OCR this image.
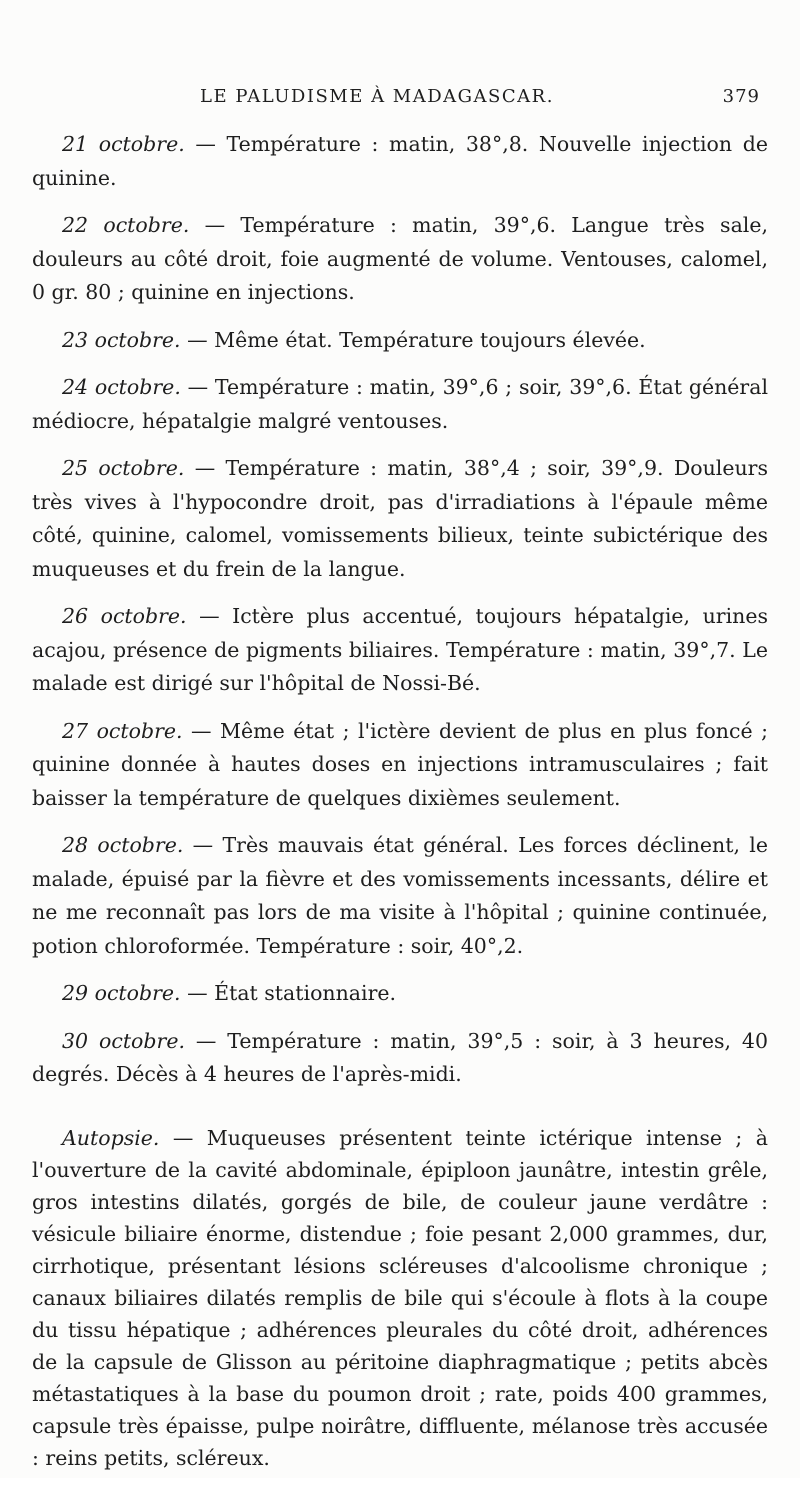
LE PALUDISME À MADAGASCAR.	379

21 octobre. — Température : matin, 38°,8. Nouvelle injection de quinine.

22 octobre. — Température : matin, 39°,6. Langue très sale, douleurs au côté droit, foie augmenté de volume. Ventouses, calomel, 0 gr. 80 ; quinine en injections.

23 octobre. — Même état. Température toujours élevée.

24 octobre. — Température : matin, 39°,6 ; soir, 39°,6. État général médiocre, hépatalgie malgré ventouses.

25 octobre. — Température : matin, 38°,4 ; soir, 39°,9. Douleurs très vives à l'hypocondre droit, pas d'irradiations à l'épaule même côté, quinine, calomel, vomissements bilieux, teinte subictérique des muqueuses et du frein de la langue.

26 octobre. — Ictère plus accentué, toujours hépatalgie, urines acajou, présence de pigments biliaires. Température : matin, 39°,7. Le malade est dirigé sur l'hôpital de Nossi-Bé.

27 octobre. — Même état ; l'ictère devient de plus en plus foncé ; quinine donnée à hautes doses en injections intramusculaires ; fait baisser la température de quelques dixièmes seulement.

28 octobre. — Très mauvais état général. Les forces déclinent, le malade, épuisé par la fièvre et des vomissements incessants, délire et ne me reconnaît pas lors de ma visite à l'hôpital ; quinine continuée, potion chloroformée. Température : soir, 40°,2.

29 octobre. — État stationnaire.

30 octobre. — Température : matin, 39°,5 : soir, à 3 heures, 40 degrés. Décès à 4 heures de l'après-midi.

Autopsie. — Muqueuses présentent teinte ictérique intense ; à l'ouverture de la cavité abdominale, épiploon jaunâtre, intestin grêle, gros intestins dilatés, gorgés de bile, de couleur jaune verdâtre : vésicule biliaire énorme, distendue ; foie pesant 2,000 grammes, dur, cirrhotique, présentant lésions scléreuses d'alcoolisme chronique ; canaux biliaires dilatés remplis de bile qui s'écoule à flots à la coupe du tissu hépatique ; adhérences pleurales du côté droit, adhérences de la capsule de Glisson au péritoine diaphragmatique ; petits abcès métastatiques à la base du poumon droit ; rate, poids 400 grammes, capsule très épaisse, pulpe noirâtre, diffluente, mélanose très accusée : reins petits, scléreux.
